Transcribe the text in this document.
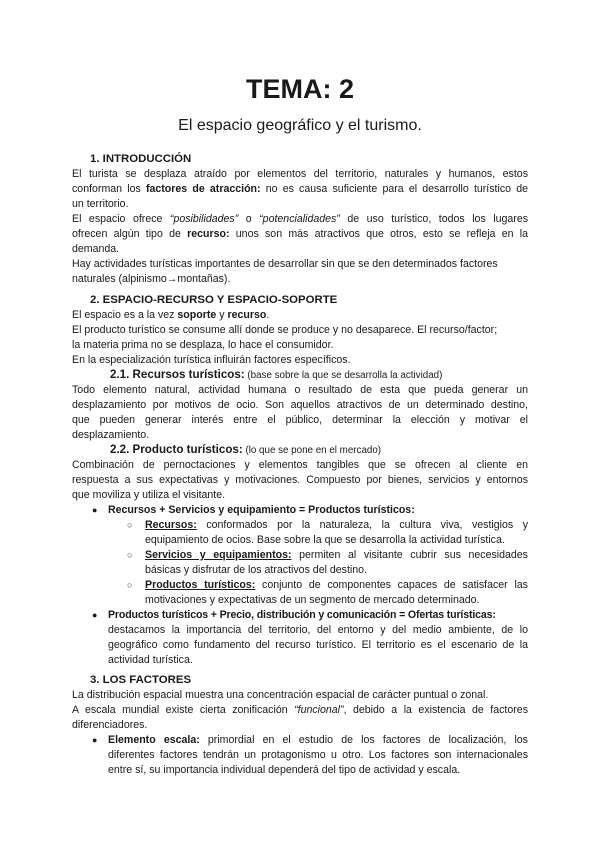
TEMA: 2
El espacio geográfico y el turismo.
1. INTRODUCCIÓN
El turista se desplaza atraído por elementos del territorio, naturales y humanos, estos
conforman los factores de atracción: no es causa suficiente para el desarrollo turístico de
un territorio.
El espacio ofrece “posibilidades” o “potencialidades” de uso turístico, todos los lugares
ofrecen algún tipo de recurso: unos son más atractivos que otros, esto se refleja en la
demanda.
Hay actividades turísticas importantes de desarrollar sin que se den determinados factores
naturales (alpinismo→montañas).
2. ESPACIO-RECURSO Y ESPACIO-SOPORTE
El espacio es a la vez soporte y recurso.
El producto turístico se consume allí donde se produce y no desaparece. El recurso/factor;
la materia prima no se desplaza, lo hace el consumidor.
En la especialización turística influirán factores específicos.
2.1. Recursos turísticos: (base sobre la que se desarrolla la actividad)
Todo elemento natural, actividad humana o resultado de esta que pueda generar un
desplazamiento por motivos de ocio. Son aquellos atractivos de un determinado destino,
que pueden generar interés entre el público, determinar la elección y motivar el
desplazamiento.
2.2. Producto turísticos: (lo que se pone en el mercado)
Combinación de pernoctaciones y elementos tangibles que se ofrecen al cliente en
respuesta a sus expectativas y motivaciones. Compuesto por bienes, servicios y entornos
que moviliza y utiliza el visitante.
● Recursos + Servicios y equipamiento = Productos turísticos:
○ Recursos: conformados por la naturaleza, la cultura viva, vestigios y
equipamiento de ocios. Base sobre la que se desarrolla la actividad turística.
○ Servicios y equipamientos: permiten al visitante cubrir sus necesidades
básicas y disfrutar de los atractivos del destino.
○ Productos turísticos: conjunto de componentes capaces de satisfacer las
motivaciones y expectativas de un segmento de mercado determinado.
● Productos turísticos + Precio, distribución y comunicación = Ofertas turísticas:
destacamos la importancia del territorio, del entorno y del medio ambiente, de lo
geográfico como fundamento del recurso turístico. El territorio es el escenario de la
actividad turística.
3. LOS FACTORES
La distribución espacial muestra una concentración espacial de carácter puntual o zonal.
A escala mundial existe cierta zonificación “funcional”, debido a la existencia de factores
diferenciadores.
● Elemento escala: primordial en el estudio de los factores de localización, los
diferentes factores tendrán un protagonismo u otro. Los factores son internacionales
entre sí, su importancia individual dependerá del tipo de actividad y escala.
